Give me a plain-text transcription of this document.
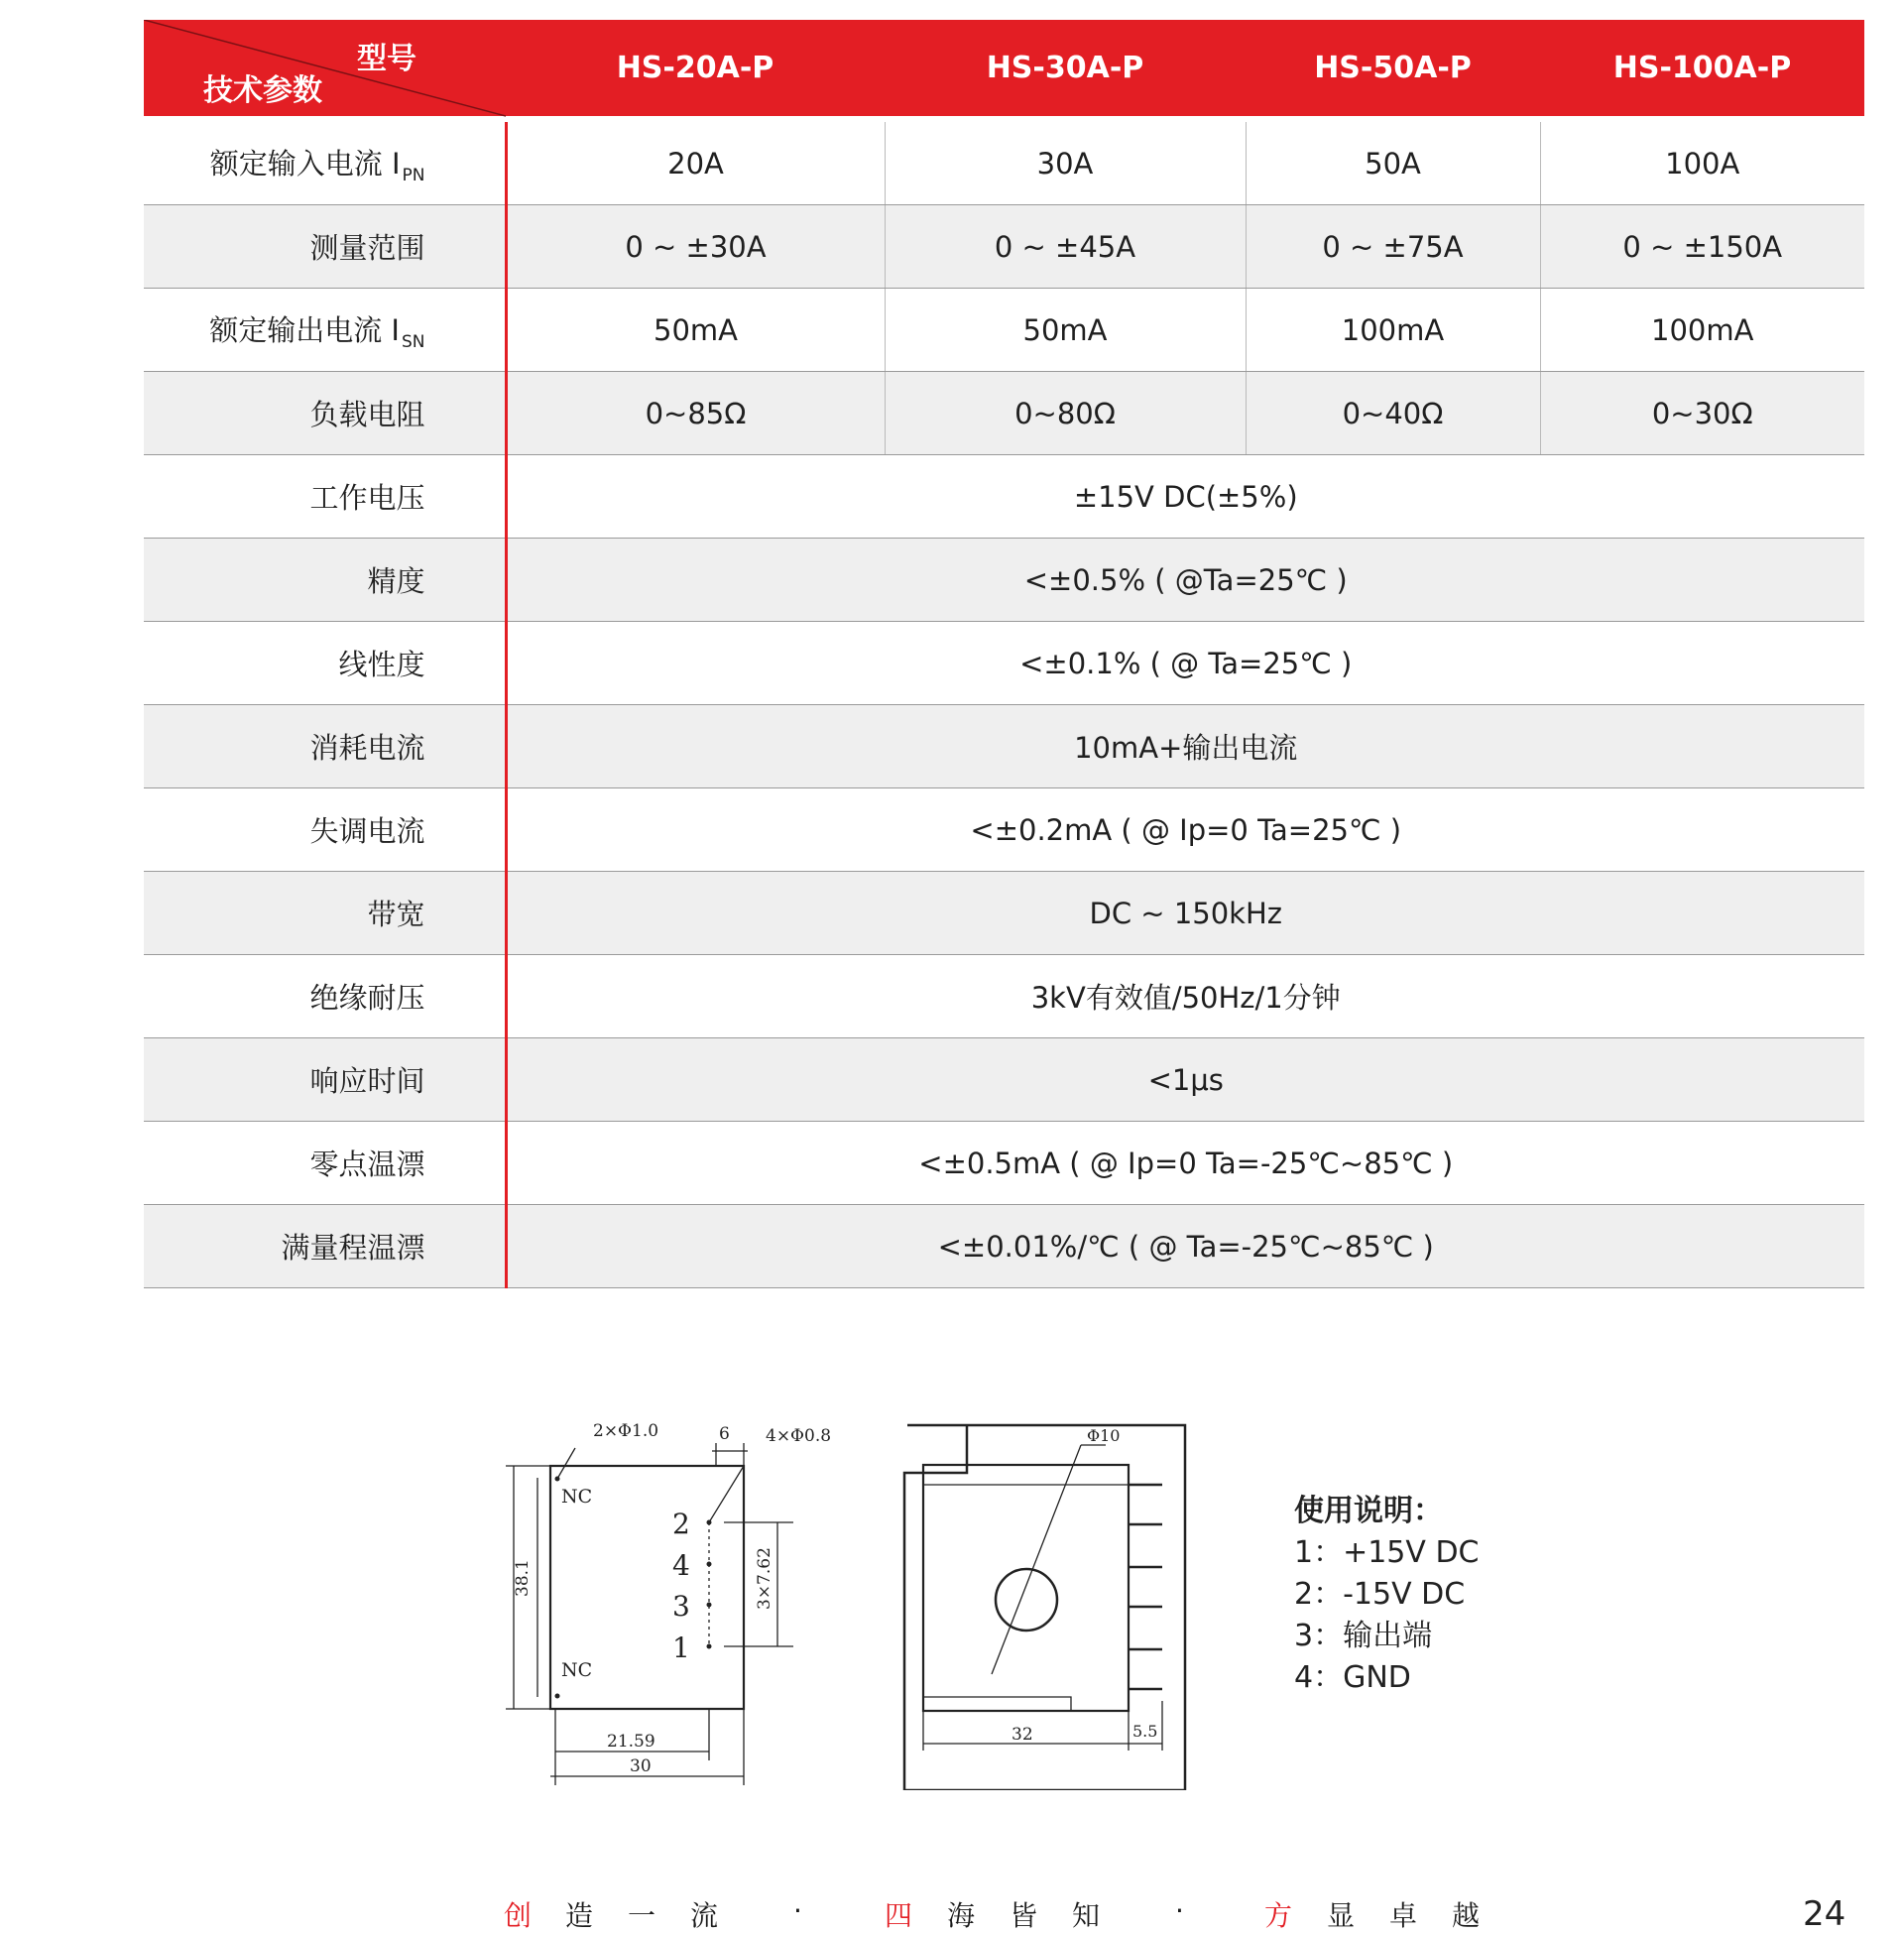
型号
技术参数	HS-20A-P	HS-30A-P	HS-50A-P	HS-100A-P
额定输入电流 I $_{PN}$	20A	30A	50A	100A
测量范围	0 ~ ±30A	0 ~ ±45A	0 ~ ±75A	0 ~ ±150A
额定输出电流 I $_{SN}$	50mA	50mA	100mA	100mA
负载电阻	0~85Ω	0~80Ω	0~40Ω	0~30Ω
工作电压	±15V DC(±5%)			
精度	<±0.5% ( @Ta=25℃ )			
线性度	<±0.1% ( @ Ta=25℃ )			
消耗电流	10mA+输出电流			
失调电流	<±0.2mA ( @ Ip=0 Ta=25℃ )			
带宽	DC ~ 150kHz			
绝缘耐压	3kV有效值/50Hz/1分钟			
响应时间	<1μs			
零点温漂	<±0.5mA ( @ Ip=0 Ta=-25℃~85℃ )			
满量程温漂	<±0.01%/℃ ( @ Ta=-25℃~85℃ )			
2×Φ1.0	6 4×Φ0.8
38.1	3×7.62
NC
NC
2
4
3
1
21.59
30
Φ10
32	5.5
使用说明：
1：+15V DC
2：-15V DC
3：输出端
4：GND
创 造 一 流	·	四 海 皆 知	·	方 显 卓 越	24
